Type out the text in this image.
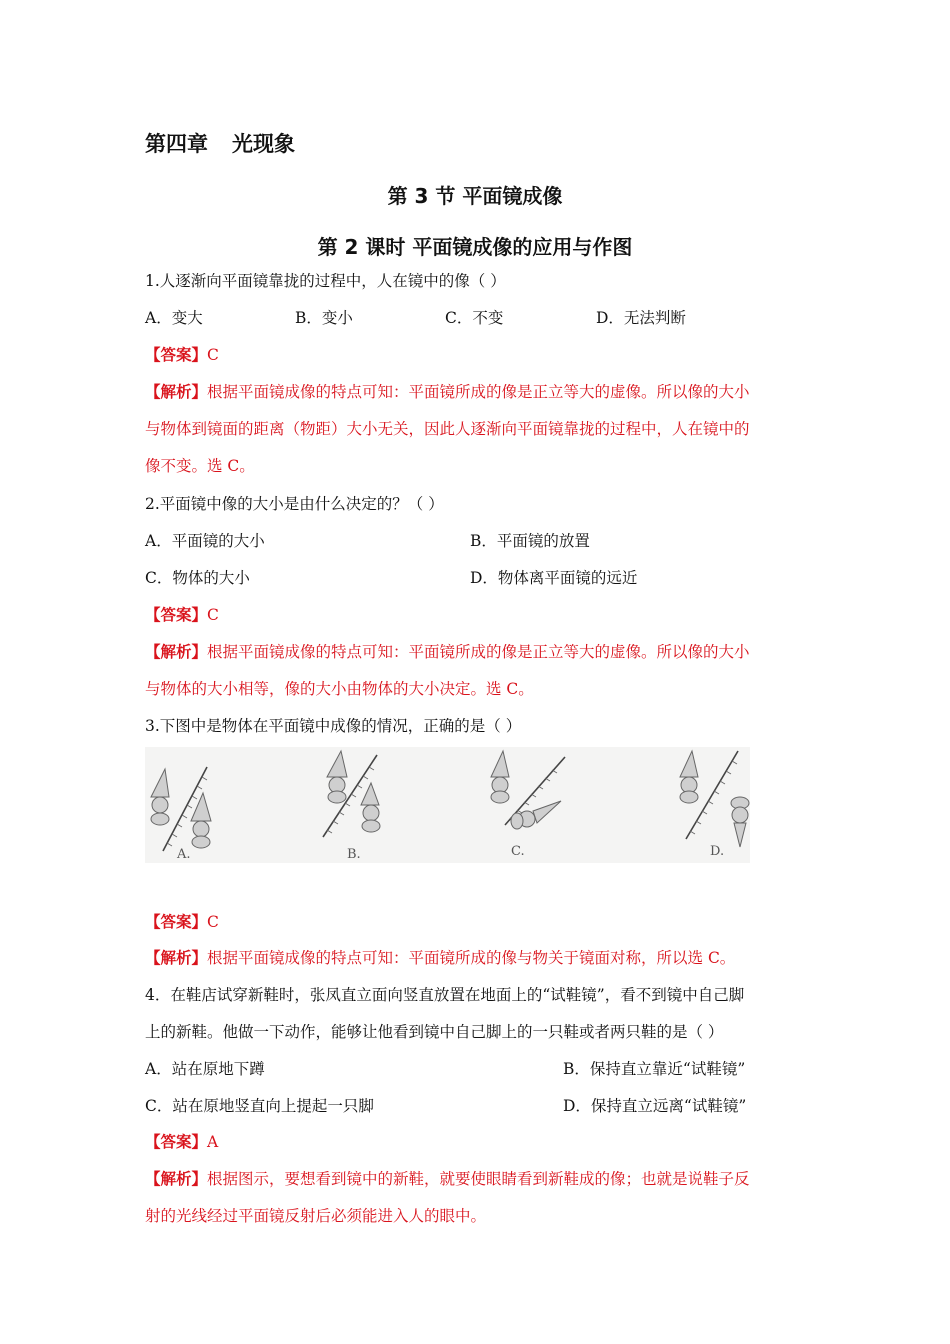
第四章 光现象
第 3 节 平面镜成像
第 2 课时 平面镜成像的应用与作图
1.人逐渐向平面镜靠拢的过程中，人在镜中的像（ ）
A．变大	B．变小	C．不变	D．无法判断
【答案】C
【解析】根据平面镜成像的特点可知：平面镜所成的像是正立等大的虚像。所以像的大小
与物体到镜面的距离（物距）大小无关，因此人逐渐向平面镜靠拢的过程中，人在镜中的
像不变。选 C。
2.平面镜中像的大小是由什么决定的？（ ）
A．平面镜的大小	B．平面镜的放置
C．物体的大小	D．物体离平面镜的远近
【答案】C
【解析】根据平面镜成像的特点可知：平面镜所成的像是正立等大的虚像。所以像的大小
与物体的大小相等，像的大小由物体的大小决定。选 C。
3.下图中是物体在平面镜中成像的情况，正确的是（ ）
A.	B.	C.	D.
【答案】C
【解析】根据平面镜成像的特点可知：平面镜所成的像与物关于镜面对称，所以选 C。
4．在鞋店试穿新鞋时，张凤直立面向竖直放置在地面上的“试鞋镜”，看不到镜中自己脚
上的新鞋。他做一下动作，能够让他看到镜中自己脚上的一只鞋或者两只鞋的是（ ）
A．站在原地下蹲	B．保持直立靠近“试鞋镜”
C．站在原地竖直向上提起一只脚	D．保持直立远离“试鞋镜”
【答案】A
【解析】根据图示，要想看到镜中的新鞋，就要使眼睛看到新鞋成的像；也就是说鞋子反
射的光线经过平面镜反射后必须能进入人的眼中。
